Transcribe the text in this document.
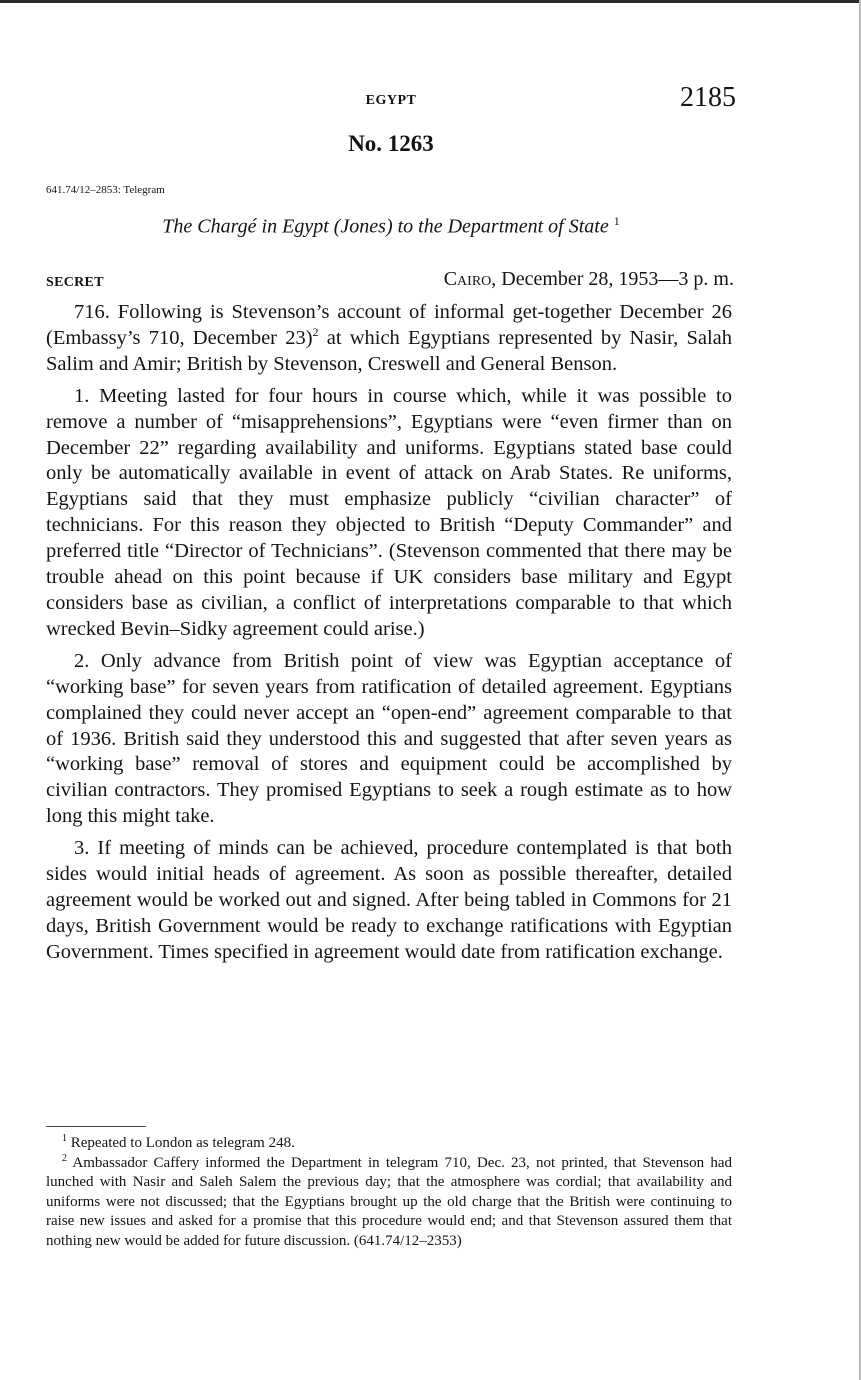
EGYPT	2185
No. 1263
641.74/12–2853: Telegram
The Chargé in Egypt (Jones) to the Department of State $^1$
SECRET	Cairo, December 28, 1953—3 p. m.

716. Following is Stevenson’s account of informal get-together December 26 (Embassy’s 710, December 23)$^2$ at which Egyptians represented by Nasir, Salah Salim and Amir; British by Stevenson, Creswell and General Benson.

1. Meeting lasted for four hours in course which, while it was possible to remove a number of “misapprehensions”, Egyptians were “even firmer than on December 22” regarding availability and uniforms. Egyptians stated base could only be automatically available in event of attack on Arab States. Re uniforms, Egyptians said that they must emphasize publicly “civilian character” of technicians. For this reason they objected to British “Deputy Commander” and preferred title “Director of Technicians”. (Stevenson commented that there may be trouble ahead on this point because if UK considers base military and Egypt considers base as civilian, a conflict of interpretations comparable to that which wrecked Bevin–Sidky agreement could arise.)

2. Only advance from British point of view was Egyptian acceptance of “working base” for seven years from ratification of detailed agreement. Egyptians complained they could never accept an “open-end” agreement comparable to that of 1936. British said they understood this and suggested that after seven years as “working base” removal of stores and equipment could be accomplished by civilian contractors. They promised Egyptians to seek a rough estimate as to how long this might take.

3. If meeting of minds can be achieved, procedure contemplated is that both sides would initial heads of agreement. As soon as possible thereafter, detailed agreement would be worked out and signed. After being tabled in Commons for 21 days, British Government would be ready to exchange ratifications with Egyptian Government. Times specified in agreement would date from ratification exchange.

$^1$ Repeated to London as telegram 248.

$^2$ Ambassador Caffery informed the Department in telegram 710, Dec. 23, not printed, that Stevenson had lunched with Nasir and Saleh Salem the previous day; that the atmosphere was cordial; that availability and uniforms were not discussed; that the Egyptians brought up the old charge that the British were continuing to raise new issues and asked for a promise that this procedure would end; and that Stevenson assured them that nothing new would be added for future discussion. (641.74/12–2353)
